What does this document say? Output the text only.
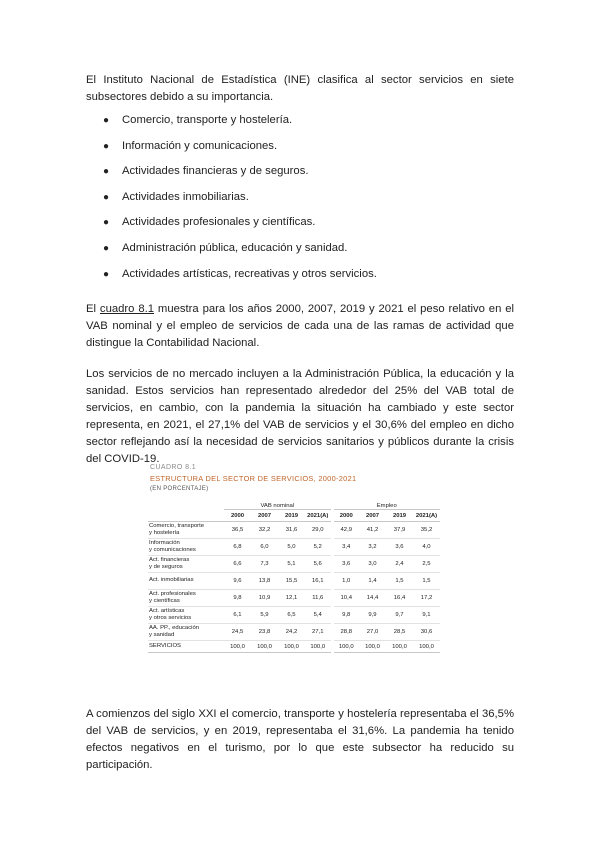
El Instituto Nacional de Estadística (INE) clasifica al sector servicios en siete subsectores debido a su importancia.

● Comercio, transporte y hostelería.
● Información y comunicaciones.
● Actividades financieras y de seguros.
● Actividades inmobiliarias.
● Actividades profesionales y científicas.
● Administración pública, educación y sanidad.
● Actividades artísticas, recreativas y otros servicios.

El cuadro 8.1 muestra para los años 2000, 2007, 2019 y 2021 el peso relativo en el VAB nominal y el empleo de servicios de cada una de las ramas de actividad que distingue la Contabilidad Nacional.

Los servicios de no mercado incluyen a la Administración Pública, la educación y la sanidad. Estos servicios han representado alrededor del 25% del VAB total de servicios, en cambio, con la pandemia la situación ha cambiado y este sector representa, en 2021, el 27,1% del VAB de servicios y el 30,6% del empleo en dicho sector reflejando así la necesidad de servicios sanitarios y públicos durante la crisis del COVID-19.

CUADRO 8.1
ESTRUCTURA DEL SECTOR DE SERVICIOS, 2000-2021
(EN PORCENTAJE)
	VAB nominal				Empleo			
	2000	2007	2019	2021(A)	2000	2007	2019	2021(A)
Comercio, transporte
y hostelería	36,5	32,2	31,6	29,0	42,9	41,2	37,9	35,2
Información
y comunicaciones	6,8	6,0	5,0	5,2	3,4	3,2	3,6	4,0
Act. financieras
y de seguros	6,6	7,3	5,1	5,6	3,6	3,0	2,4	2,5
Act. inmobiliarias	9,6	13,8	15,5	16,1	1,0	1,4	1,5	1,5
Act. profesionales
y científicas	9,8	10,9	12,1	11,6	10,4	14,4	16,4	17,2
Act. artísticas
y otros servicios	6,1	5,9	6,5	5,4	9,8	9,9	9,7	9,1
AA. PP., educación
y sanidad	24,5	23,8	24,2	27,1	28,8	27,0	28,5	30,6
SERVICIOS	100,0	100,0	100,0	100,0	100,0	100,0	100,0	100,0

A comienzos del siglo XXI el comercio, transporte y hostelería representaba el 36,5% del VAB de servicios, y en 2019, representaba el 31,6%. La pandemia ha tenido efectos negativos en el turismo, por lo que este subsector ha reducido su participación.
